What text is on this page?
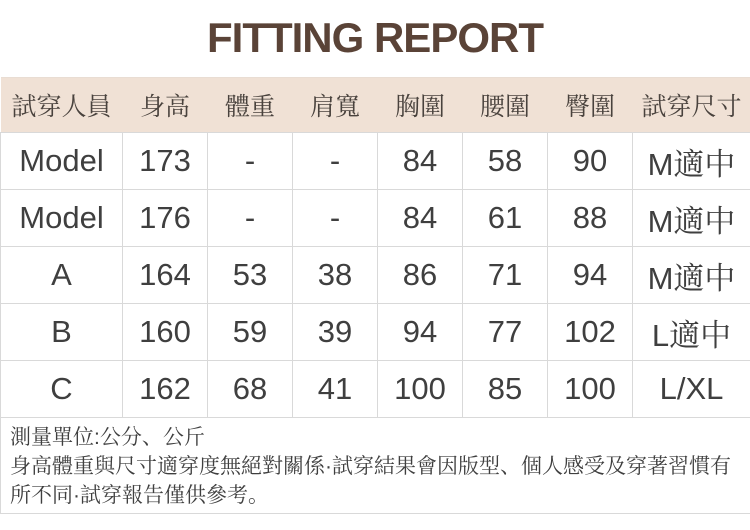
FITTING REPORT
試穿人員	身高	體重	肩寬	胸圍	腰圍	臀圍	試穿尺寸
Model	173	-	-	84	58	90	M適中
Model	176	-	-	84	61	88	M適中
A	164	53	38	86	71	94	M適中
B	160	59	39	94	77	102	L適中
C	162	68	41	100	85	100	L/XL

測量單位:公分、公斤

身高體重與尺寸適穿度無絕對關係·試穿結果會因版型、個人感受及穿著習慣有所不同·試穿報告僅供參考。							
